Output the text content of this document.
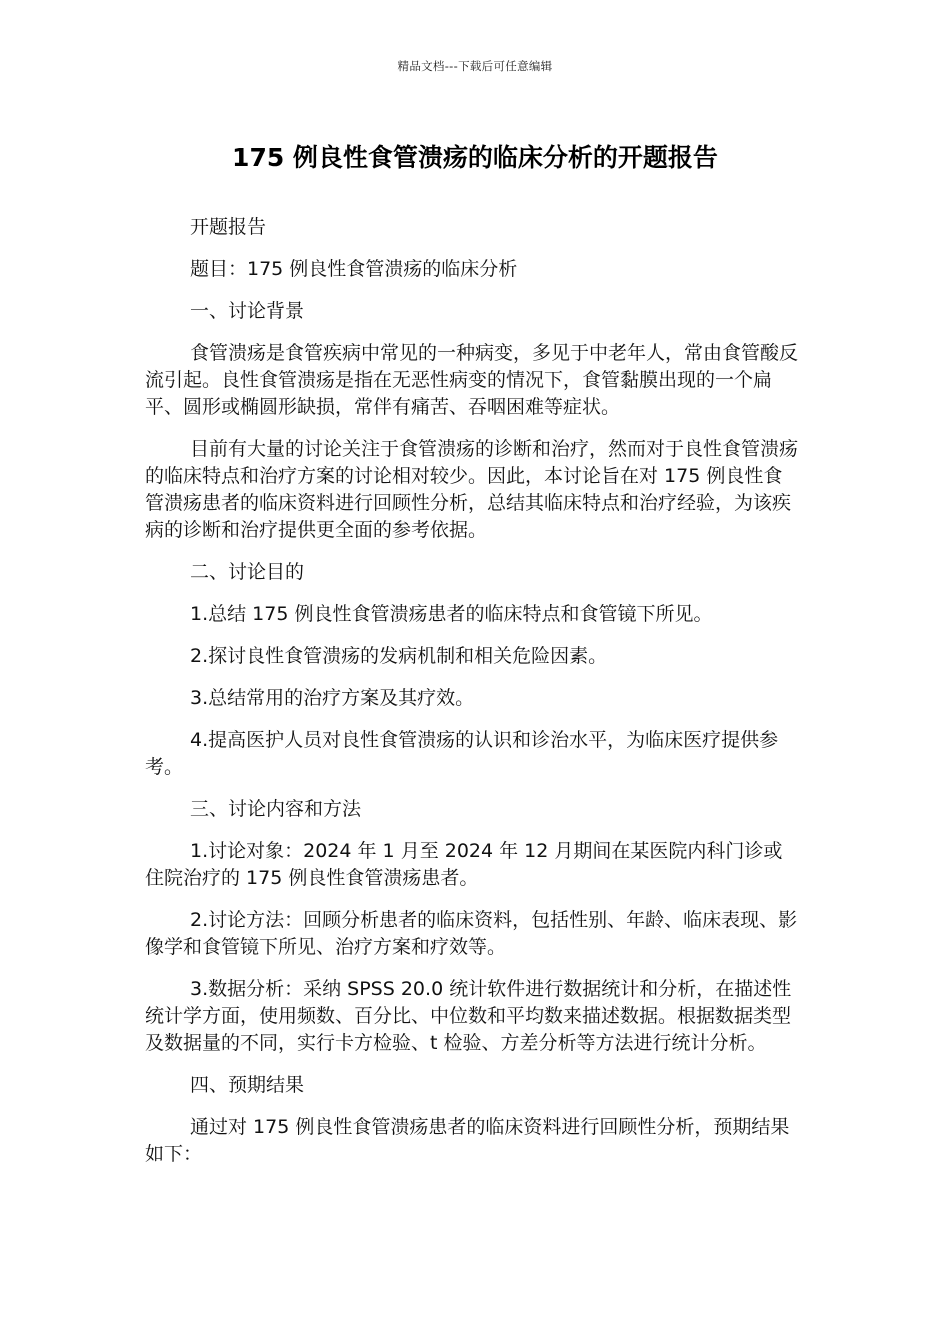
精品文档---下载后可任意编辑
175 例良性食管溃疡的临床分析的开题报告

开题报告

题目：175 例良性食管溃疡的临床分析

一、讨论背景

食管溃疡是食管疾病中常见的一种病变，多见于中老年人，常由食管酸反流引起。良性食管溃疡是指在无恶性病变的情况下，食管黏膜出现的一个扁平、圆形或椭圆形缺损，常伴有痛苦、吞咽困难等症状。

目前有大量的讨论关注于食管溃疡的诊断和治疗，然而对于良性食管溃疡的临床特点和治疗方案的讨论相对较少。因此，本讨论旨在对 175 例良性食管溃疡患者的临床资料进行回顾性分析，总结其临床特点和治疗经验，为该疾病的诊断和治疗提供更全面的参考依据。

二、讨论目的

1.总结 175 例良性食管溃疡患者的临床特点和食管镜下所见。

2.探讨良性食管溃疡的发病机制和相关危险因素。

3.总结常用的治疗方案及其疗效。

4.提高医护人员对良性食管溃疡的认识和诊治水平，为临床医疗提供参考。

三、讨论内容和方法

1.讨论对象：2024 年 1 月至 2024 年 12 月期间在某医院内科门诊或住院治疗的 175 例良性食管溃疡患者。

2.讨论方法：回顾分析患者的临床资料，包括性别、年龄、临床表现、影像学和食管镜下所见、治疗方案和疗效等。

3.数据分析：采纳 SPSS 20.0 统计软件进行数据统计和分析，在描述性统计学方面，使用频数、百分比、中位数和平均数来描述数据。根据数据类型及数据量的不同，实行卡方检验、t 检验、方差分析等方法进行统计分析。

四、预期结果

通过对 175 例良性食管溃疡患者的临床资料进行回顾性分析，预期结果如下：
